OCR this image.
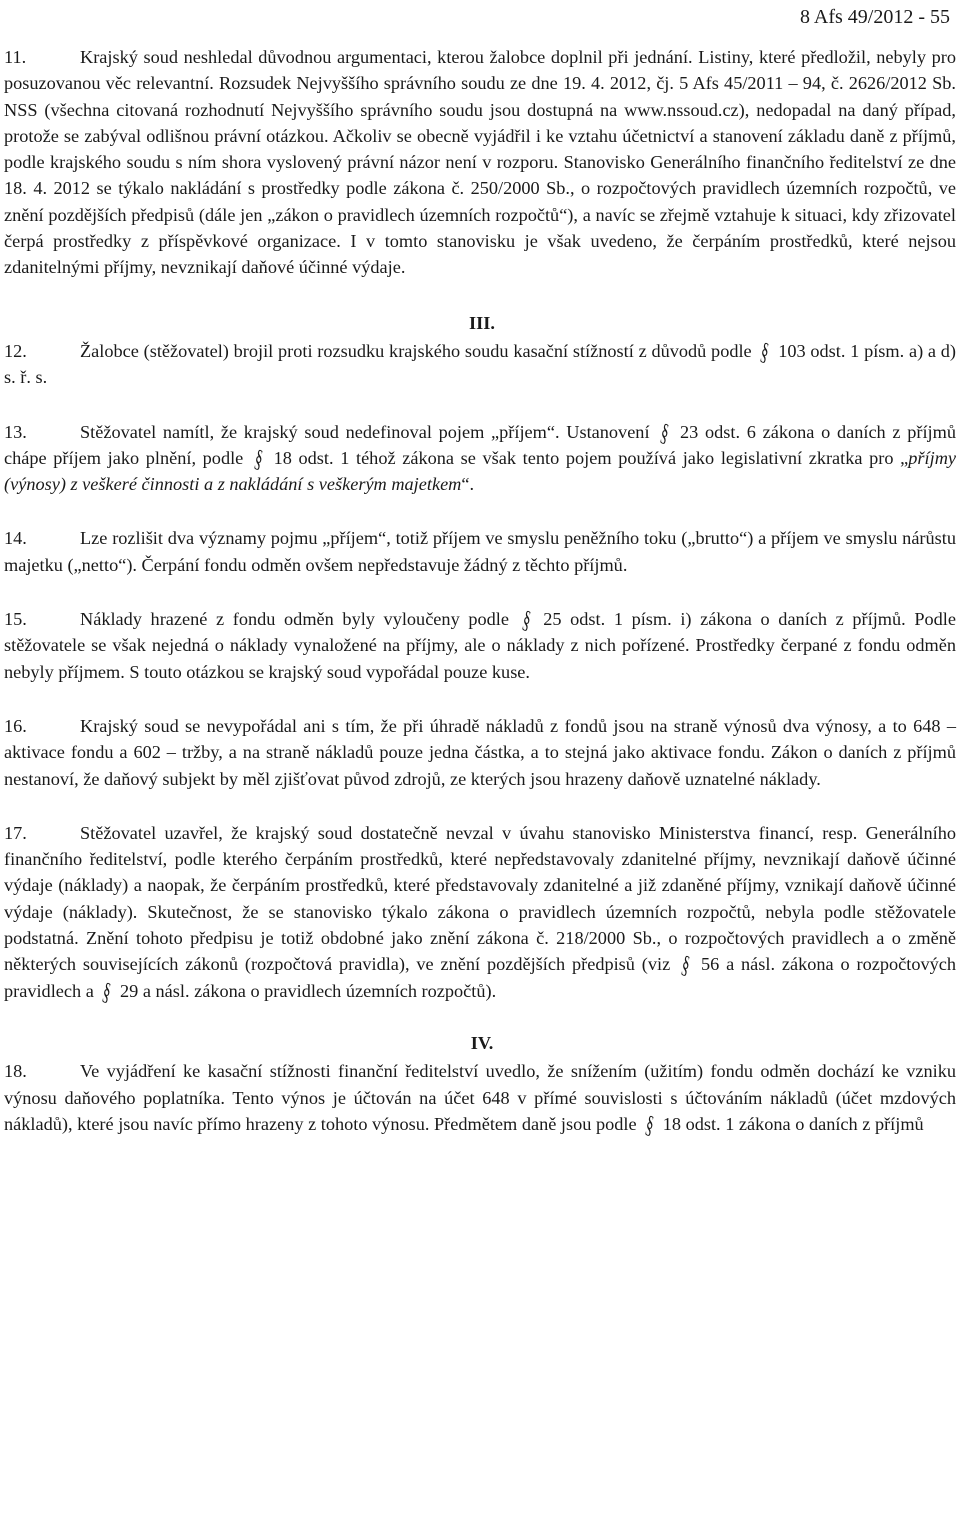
8 Afs 49/2012 - 55

11.	Krajský soud neshledal důvodnou argumentaci, kterou žalobce doplnil při jednání. Listiny, které předložil, nebyly pro posuzovanou věc relevantní. Rozsudek Nejvyššího správního soudu ze dne 19. 4. 2012, čj. 5 Afs 45/2011 – 94, č. 2626/2012 Sb. NSS (všechna citovaná rozhodnutí Nejvyššího správního soudu jsou dostupná na www.nssoud.cz), nedopadal na daný případ, protože se zabýval odlišnou právní otázkou. Ačkoliv se obecně vyjádřil i ke vztahu účetnictví a stanovení základu daně z příjmů, podle krajského soudu s ním shora vyslovený právní názor není v rozporu. Stanovisko Generálního finančního ředitelství ze dne 18. 4. 2012 se týkalo nakládání s prostředky podle zákona č. 250/2000 Sb., o rozpočtových pravidlech územních rozpočtů, ve znění pozdějších předpisů (dále jen „zákon o pravidlech územních rozpočtů“), a navíc se zřejmě vztahuje k situaci, kdy zřizovatel čerpá prostředky z příspěvkové organizace. I v tomto stanovisku je však uvedeno, že čerpáním prostředků, které nejsou zdanitelnými příjmy, nevznikají daňové účinné výdaje.

III.

12.	Žalobce (stěžovatel) brojil proti rozsudku krajského soudu kasační stížností z důvodů podle § 103 odst. 1 písm. a) a d) s. ř. s.

13.	Stěžovatel namítl, že krajský soud nedefinoval pojem „příjem“. Ustanovení § 23 odst. 6 zákona o daních z příjmů chápe příjem jako plnění, podle § 18 odst. 1 téhož zákona se však tento pojem používá jako legislativní zkratka pro „příjmy (výnosy) z veškeré činnosti a z nakládání s veškerým majetkem“.

14.	Lze rozlišit dva významy pojmu „příjem“, totiž příjem ve smyslu peněžního toku („brutto“) a příjem ve smyslu nárůstu majetku („netto“). Čerpání fondu odměn ovšem nepředstavuje žádný z těchto příjmů.

15.	Náklady hrazené z fondu odměn byly vyloučeny podle § 25 odst. 1 písm. i) zákona o daních z příjmů. Podle stěžovatele se však nejedná o náklady vynaložené na příjmy, ale o náklady z nich pořízené. Prostředky čerpané z fondu odměn nebyly příjmem. S touto otázkou se krajský soud vypořádal pouze kuse.

16.	Krajský soud se nevypořádal ani s tím, že při úhradě nákladů z fondů jsou na straně výnosů dva výnosy, a to 648 – aktivace fondu a 602 – tržby, a na straně nákladů pouze jedna částka, a to stejná jako aktivace fondu. Zákon o daních z příjmů nestanoví, že daňový subjekt by měl zjišťovat původ zdrojů, ze kterých jsou hrazeny daňově uznatelné náklady.

17.	Stěžovatel uzavřel, že krajský soud dostatečně nevzal v úvahu stanovisko Ministerstva financí, resp. Generálního finančního ředitelství, podle kterého čerpáním prostředků, které nepředstavovaly zdanitelné příjmy, nevznikají daňově účinné výdaje (náklady) a naopak, že čerpáním prostředků, které představovaly zdanitelné a již zdaněné příjmy, vznikají daňově účinné výdaje (náklady). Skutečnost, že se stanovisko týkalo zákona o pravidlech územních rozpočtů, nebyla podle stěžovatele podstatná. Znění tohoto předpisu je totiž obdobné jako znění zákona č. 218/2000 Sb., o rozpočtových pravidlech a o změně některých souvisejících zákonů (rozpočtová pravidla), ve znění pozdějších předpisů (viz § 56 a násl. zákona o rozpočtových pravidlech a § 29 a násl. zákona o pravidlech územních rozpočtů).

IV.

18.	Ve vyjádření ke kasační stížnosti finanční ředitelství uvedlo, že snížením (užitím) fondu odměn dochází ke vzniku výnosu daňového poplatníka. Tento výnos je účtován na účet 648 v přímé souvislosti s účtováním nákladů (účet mzdových nákladů), které jsou navíc přímo hrazeny z tohoto výnosu. Předmětem daně jsou podle § 18 odst. 1 zákona o daních z příjmů
